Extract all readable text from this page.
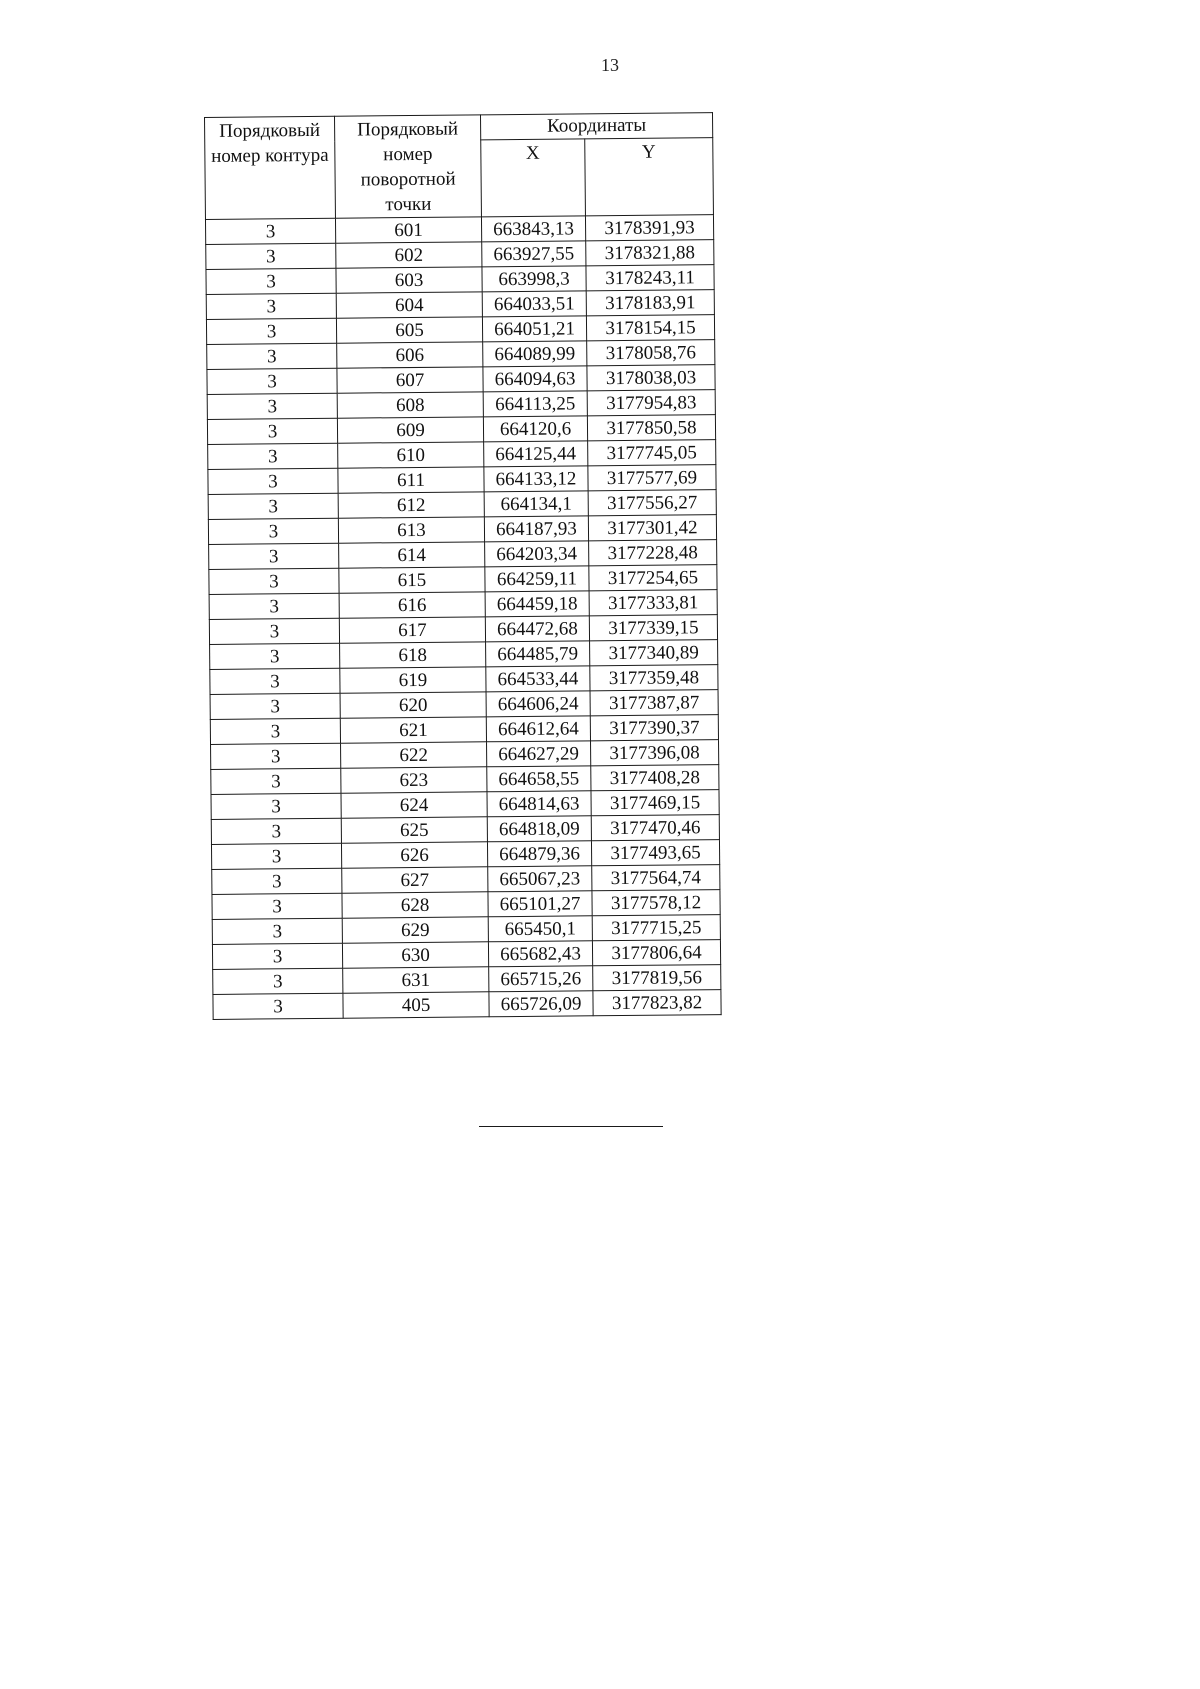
13
Порядковый номер контура	Порядковый номер поворотной точки	Координаты	
		X	Y
3	601	663843,13	3178391,93
3	602	663927,55	3178321,88
3	603	663998,3	3178243,11
3	604	664033,51	3178183,91
3	605	664051,21	3178154,15
3	606	664089,99	3178058,76
3	607	664094,63	3178038,03
3	608	664113,25	3177954,83
3	609	664120,6	3177850,58
3	610	664125,44	3177745,05
3	611	664133,12	3177577,69
3	612	664134,1	3177556,27
3	613	664187,93	3177301,42
3	614	664203,34	3177228,48
3	615	664259,11	3177254,65
3	616	664459,18	3177333,81
3	617	664472,68	3177339,15
3	618	664485,79	3177340,89
3	619	664533,44	3177359,48
3	620	664606,24	3177387,87
3	621	664612,64	3177390,37
3	622	664627,29	3177396,08
3	623	664658,55	3177408,28
3	624	664814,63	3177469,15
3	625	664818,09	3177470,46
3	626	664879,36	3177493,65
3	627	665067,23	3177564,74
3	628	665101,27	3177578,12
3	629	665450,1	3177715,25
3	630	665682,43	3177806,64
3	631	665715,26	3177819,56
3	405	665726,09	3177823,82
